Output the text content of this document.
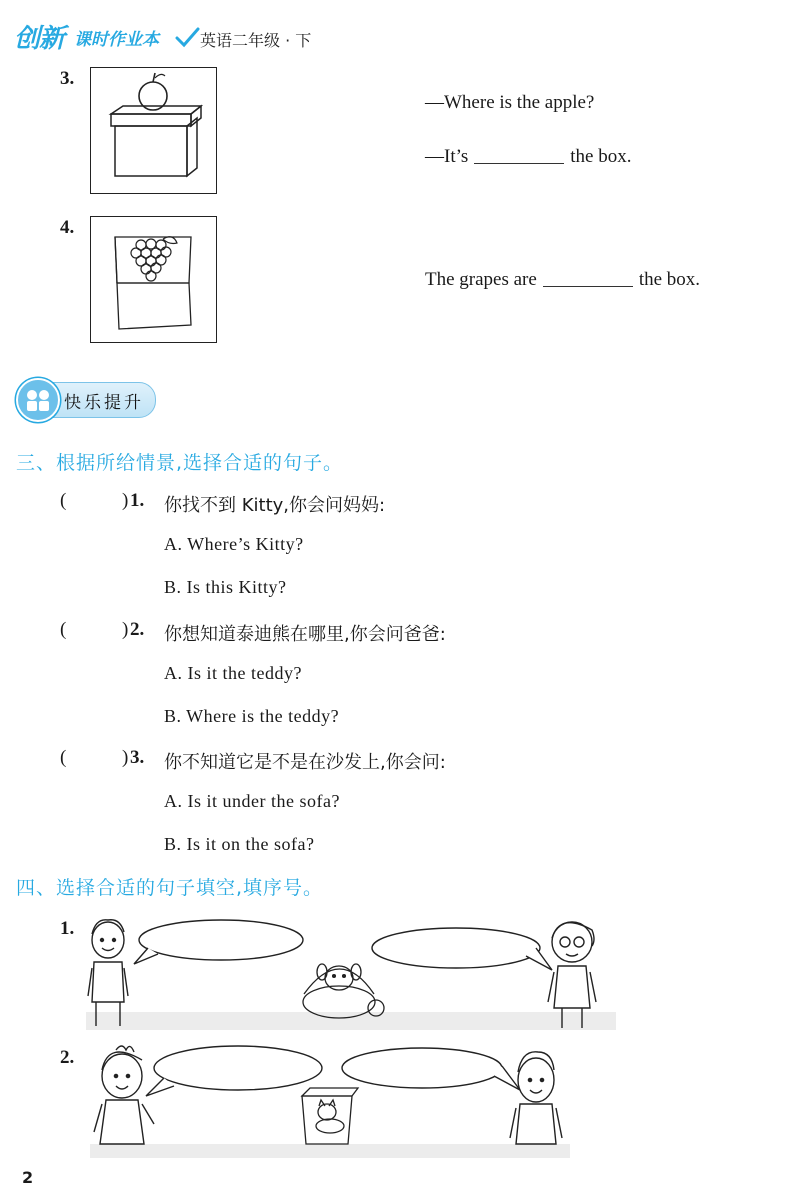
创新 课时作业本	英语二年级 · 下
3.
—Where is the apple?
—It’s	the box.
4.
The grapes are	the box.
快乐提升
三、根据所给情景,选择合适的句子。
(	) 1. 你找不到 Kitty,你会问妈妈:
A. Where’s Kitty?
B. Is this Kitty?
(	) 2. 你想知道泰迪熊在哪里,你会问爸爸:
A. Is it the teddy?
B. Where is the teddy?
(	) 3. 你不知道它是不是在沙发上,你会问:
A. Is it under the sofa?
B. Is it on the sofa?
四、选择合适的句子填空,填序号。
1.
2.
2
